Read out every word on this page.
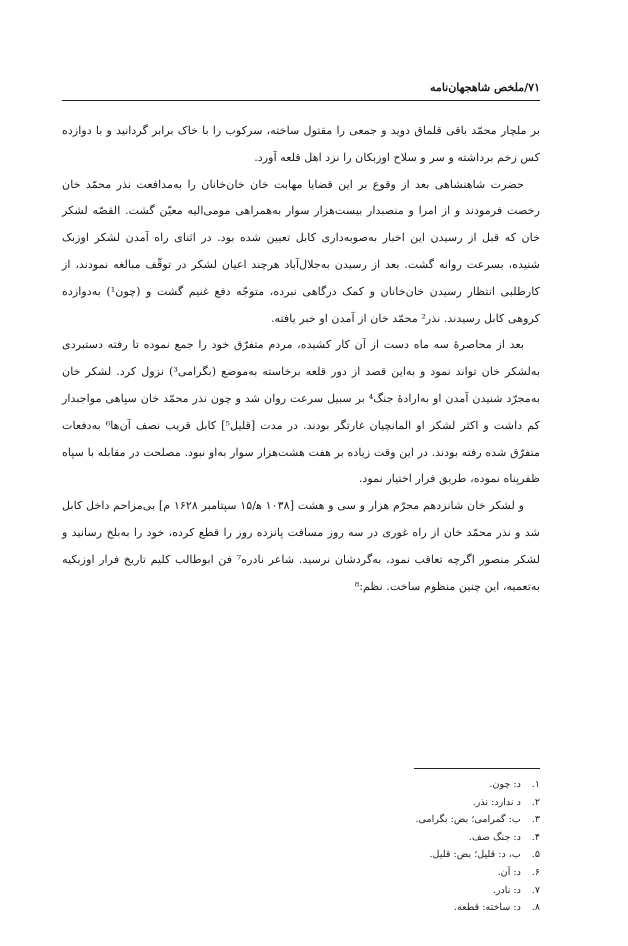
۷۱/ملخص شاهجهان‌نامه

بر ملچار محمّد باقی قلماق دوید و جمعی را مقتول ساخته، سرکوب را با خاک برابر گردانید و با دوازده کس زخم برداشته و سر و سلاح اوزبکان را نزد اهل قلعه آورد.

حضرت شاهنشاهی بعد از وقوع بر این قضایا مهابت خان خان‌خانان را به‌مدافعت نذر محمّد خان رخصت فرمودند و از امرا و منصبدار بیست‌هزار سوار به‌همراهی مومی‌الیه معیّن گشت. القصّه لشکر خان که قبل از رسیدن این اخبار به‌صوبه‌داری کابل تعیین شده بود. در اثنای راه آمدن لشکر اوزبک شنیده، بسرعت روانه گشت. بعد از رسیدن به‌جلال‌آباد هرچند اعیان لشکر در توقّف مبالغه نمودند، از کارطلبی انتظار رسیدن خان‌خانان و کمک درگاهی نبرده، متوجّه دفع غنیم گشت و (چون¹) به‌دوازده کروهی کابل رسیدند. نذر² محمّد خان از آمدن او خبر یافته.

بعد از محاصرهٔ سه ماه دست از آن کار کشیده، مردم متفرّق خود را جمع نموده تا رفته دستبردی به‌لشکر خان تواند نمود و به‌این قصد از دور قلعه برخاسته به‌موضع (بگرامی³) نزول کرد. لشکر خان به‌مجرّد شنیدن آمدن او به‌ارادهٔ جنگ⁴ بر سبیل سرعت روان شد و چون نذر محمّد خان سپاهی مواجبدار کم داشت و اکثر لشکر او المانچیان غارتگر بودند. در مدت [قلیل⁵] کابل قریب نصف آن‌ها⁶ به‌دفعات متفرّق شده رفته بودند. در این وقت زیاده بر هفت هشت‌هزار سوار به‌او نبود. مصلحت در مقابله با سپاه ظفرپناه نموده، طریق فرار اختیار نمود.

و لشکر خان شانزدهم محرّم هزار و سی و هشت [۱۰۳۸ ه‍/۱۵ سپتامبر ۱۶۲۸ م] بی‌مزاحم داخل کابل شد و نذر محمّد خان از راه غوری در سه روز مسافت پانزده روز را قطع کرده، خود را به‌بلخ رسانید و لشکر منصور اگرچه تعاقب نمود، به‌گردشان نرسید. شاعر نادره⁷ فن ابوطالب کلیم تاریخ فرار اوزبکیه به‌تعمیه، این چنین منظوم ساخت. نظم:⁸

۱. د: چون.
۲. د ندارد: نذر.
۳. ب: گمرامی؛ بض: بگرامی.
۴. د: جنگ صف.
۵. ب، د: قلیل؛ بض: قلیل.
۶. د: آن.
۷. د: نادر.
۸. د: ساخته: قطعه.
